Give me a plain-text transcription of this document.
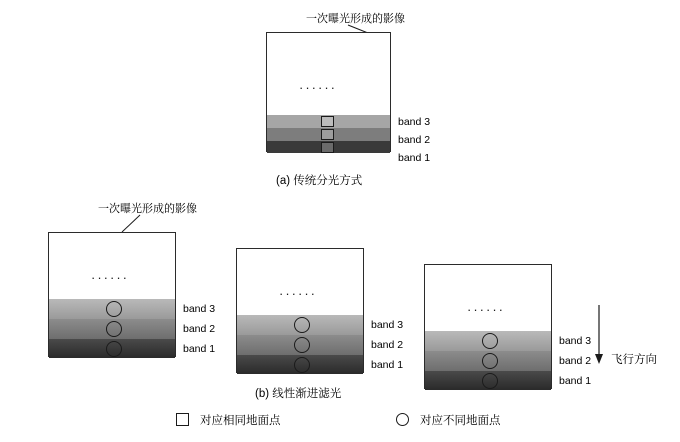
一次曝光形成的影像
······
band 3
band 2
band 1
(a) 传统分光方式
一次曝光形成的影像
······
band 3
band 2
band 1
······
band 3
band 2
band 1
······
band 3
band 2
band 1
飞行方向
(b) 线性渐进滤光
对应相同地面点	对应不同地面点
